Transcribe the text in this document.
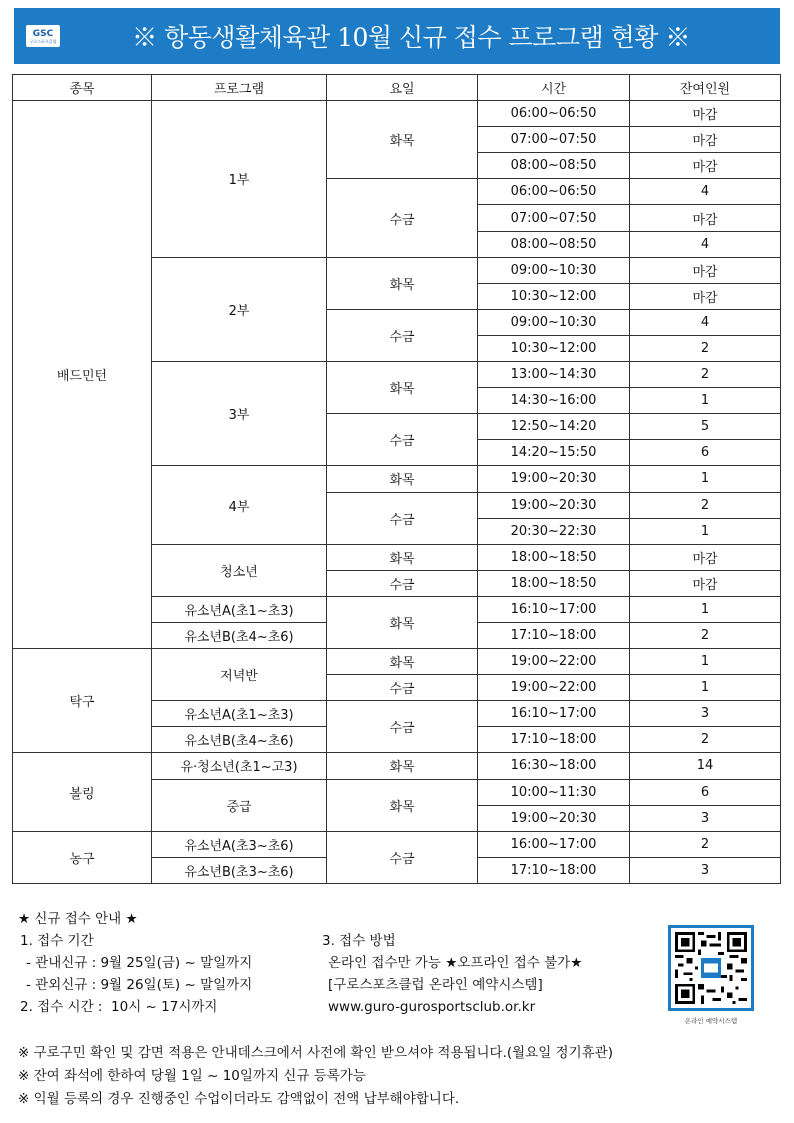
GSC
구로스포츠클럽	※ 항동생활체육관 10월 신규 접수 프로그램 현황 ※
종목	프로그램	요일	시간	잔여인원
배드민턴	1부	화목	06:00~06:50	마감
			07:00~07:50	마감
			08:00~08:50	마감
		수금	06:00~06:50	4
			07:00~07:50	마감
			08:00~08:50	4
	2부	화목	09:00~10:30	마감
			10:30~12:00	마감
		수금	09:00~10:30	4
			10:30~12:00	2
	3부	화목	13:00~14:30	2
			14:30~16:00	1
		수금	12:50~14:20	5
			14:20~15:50	6
	4부	화목	19:00~20:30	1
		수금	19:00~20:30	2
			20:30~22:30	1
	청소년	화목	18:00~18:50	마감
		수금	18:00~18:50	마감
	유소년A(초1~초3)	화목	16:10~17:00	1
	유소년B(초4~초6)		17:10~18:00	2
탁구	저녁반	화목	19:00~22:00	1
		수금	19:00~22:00	1
	유소년A(초1~초3)	수금	16:10~17:00	3
	유소년B(초4~초6)		17:10~18:00	2
볼링	유·청소년(초1~고3)	화목	16:30~18:00	14
	중급	화목	10:00~11:30	6
			19:00~20:30	3
농구	유소년A(초3~초6)	수금	16:00~17:00	2
	유소년B(초3~초6)		17:10~18:00	3
★ 신규 접수 안내 ★
1. 접수 기간
- 관내신규 : 9월 25일(금) ~ 말일까지
- 관외신규 : 9월 26일(토) ~ 말일까지
2. 접수 시간 :  10시 ~ 17시까지
3. 접수 방법
온라인 접수만 가능 ★오프라인 접수 불가★
[구로스포츠클럽 온라인 예약시스템]
www.guro-gurosportsclub.or.kr
온라인 예약시스템
※ 구로구민 확인 및 감면 적용은 안내데스크에서 사전에 확인 받으셔야 적용됩니다.(월요일 정기휴관)
※ 잔여 좌석에 한하여 당월 1일 ~ 10일까지 신규 등록가능
※ 익월 등록의 경우 진행중인 수업이더라도 감액없이 전액 납부해야합니다.
